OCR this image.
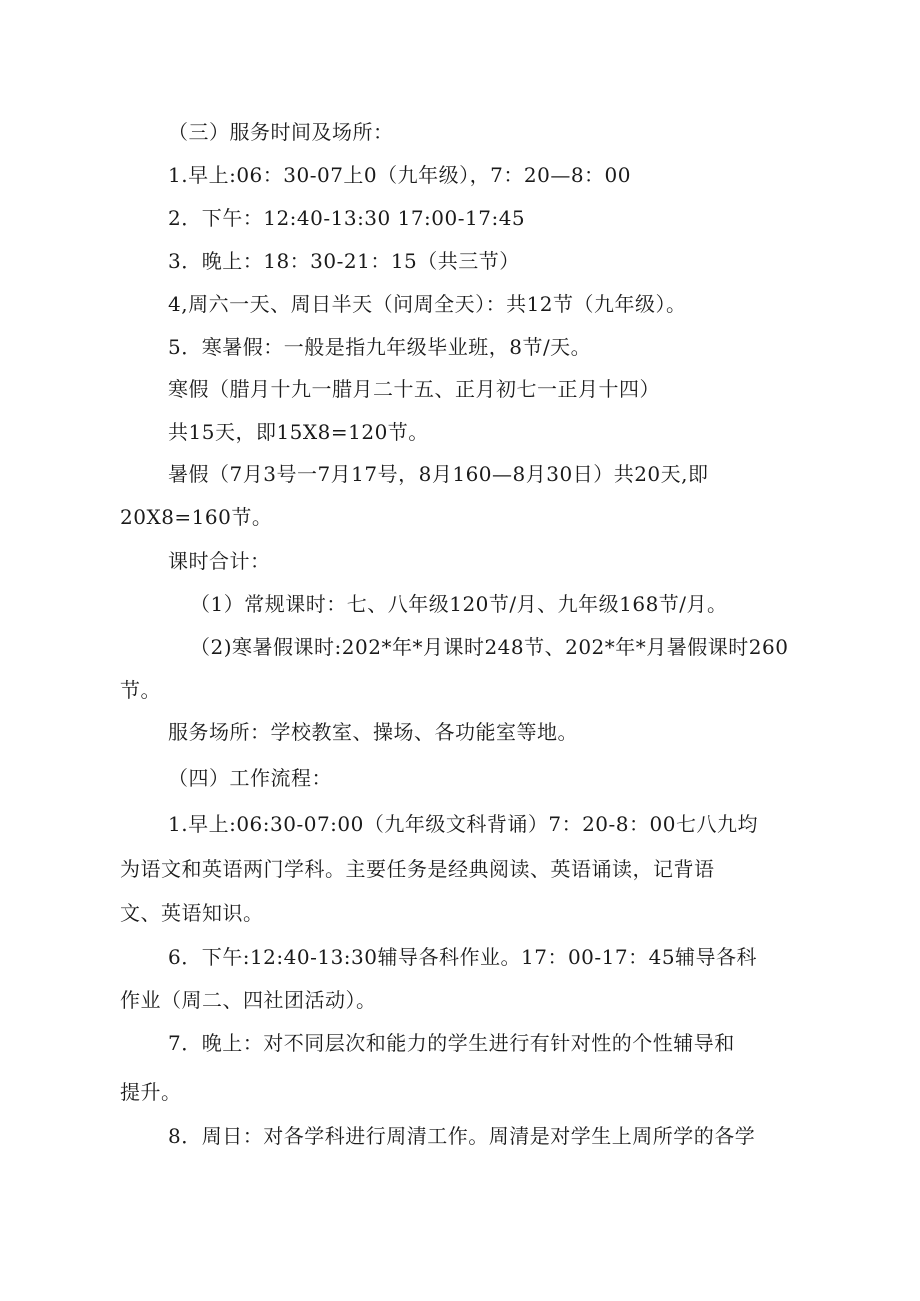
（三）服务时间及场所：

1.早上:06：30-07上0（九年级），7：20—8：00

2．下午：12:40-13:30 17:00-17:45

3．晚上：18：30-21：15（共三节）

4,周六一天、周日半天（问周全天）：共12节（九年级）。

5．寒暑假：一般是指九年级毕业班，8节/天。

寒假（腊月十九一腊月二十五、正月初七一正月十四）

共15天，即15X8=120节。

暑假（7月3号一7月17号，8月160—8月30日）共20天,即

20X8=160节。

课时合计：

（1）常规课时：七、八年级120节/月、九年级168节/月。

（2)寒暑假课时:202*年*月课时248节、202*年*月暑假课时260

节。

服务场所：学校教室、操场、各功能室等地。

（四）工作流程：

1.早上:06:30-07:00（九年级文科背诵）7：20-8：00七八九均

为语文和英语两门学科。主要任务是经典阅读、英语诵读，记背语

文、英语知识。

6．下午:12:40-13:30辅导各科作业。17：00-17：45辅导各科

作业（周二、四社团活动）。

7．晚上：对不同层次和能力的学生进行有针对性的个性辅导和

提升。

8．周日：对各学科进行周清工作。周清是对学生上周所学的各学
